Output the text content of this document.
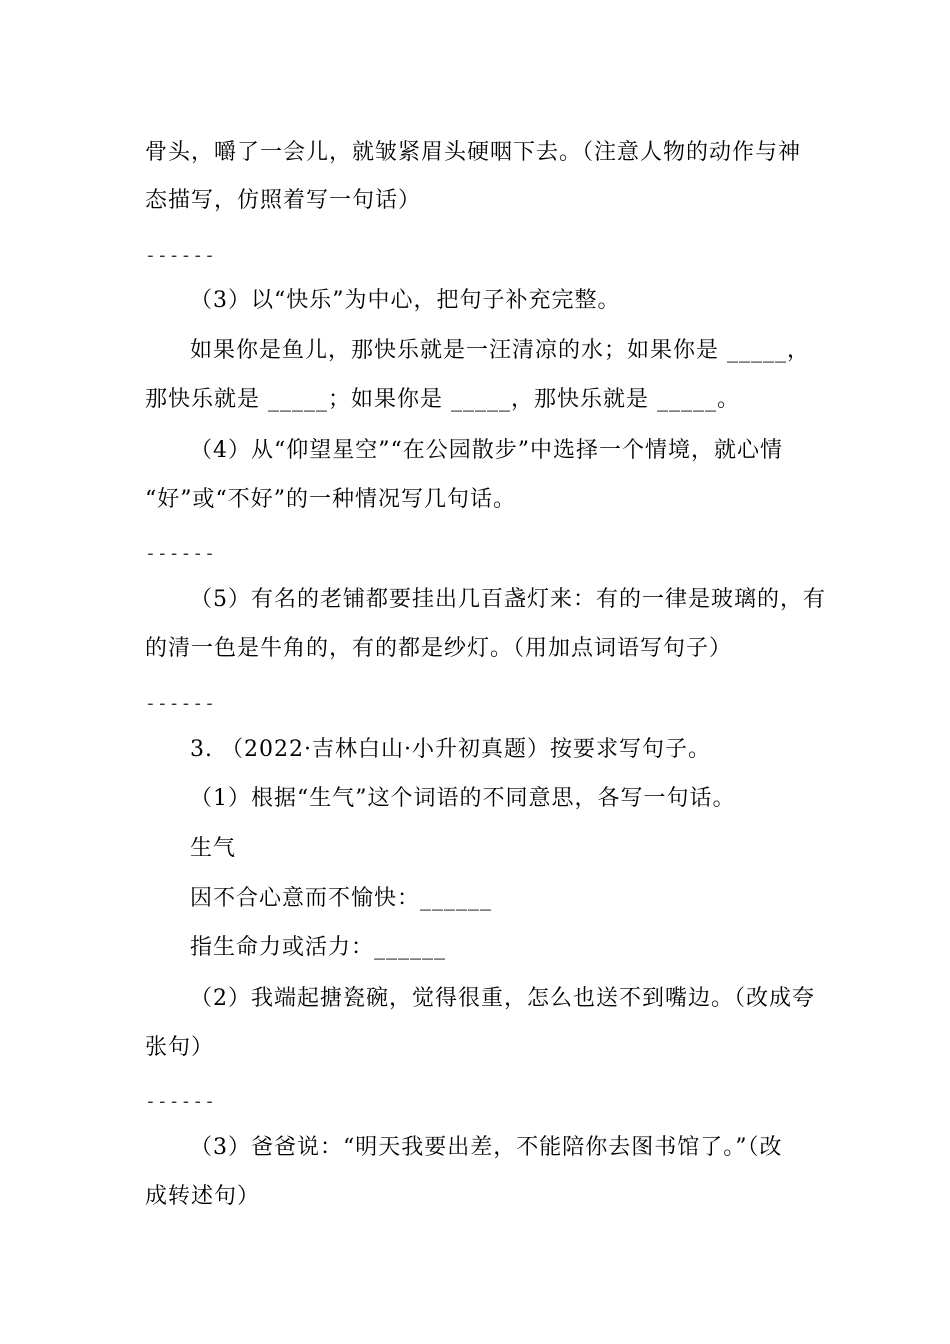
骨头，嚼了一会儿，就皱紧眉头硬咽下去。（注意人物的动作与神
态描写，仿照着写一句话）
------
（3）以“快乐”为中心，把句子补充完整。
如果你是鱼儿，那快乐就是一汪清凉的水；如果你是 _____，
那快乐就是 _____；如果你是 _____，那快乐就是 _____。
（4）从“仰望星空”“在公园散步”中选择一个情境，就心情
“好”或“不好”的一种情况写几句话。
------
（5）有名的老铺都要挂出几百盏灯来：有的一律是玻璃的，有
的清一色是牛角的，有的都是纱灯。（用加点词语写句子）
------
3. （2022·吉林白山·小升初真题）按要求写句子。
（1）根据“生气”这个词语的不同意思，各写一句话。
生气
因不合心意而不愉快：______
指生命力或活力：______
（2）我端起搪瓷碗，觉得很重，怎么也送不到嘴边。（改成夸
张句）
------
（3）爸爸说：“明天我要出差，不能陪你去图书馆了。”（改
成转述句）
